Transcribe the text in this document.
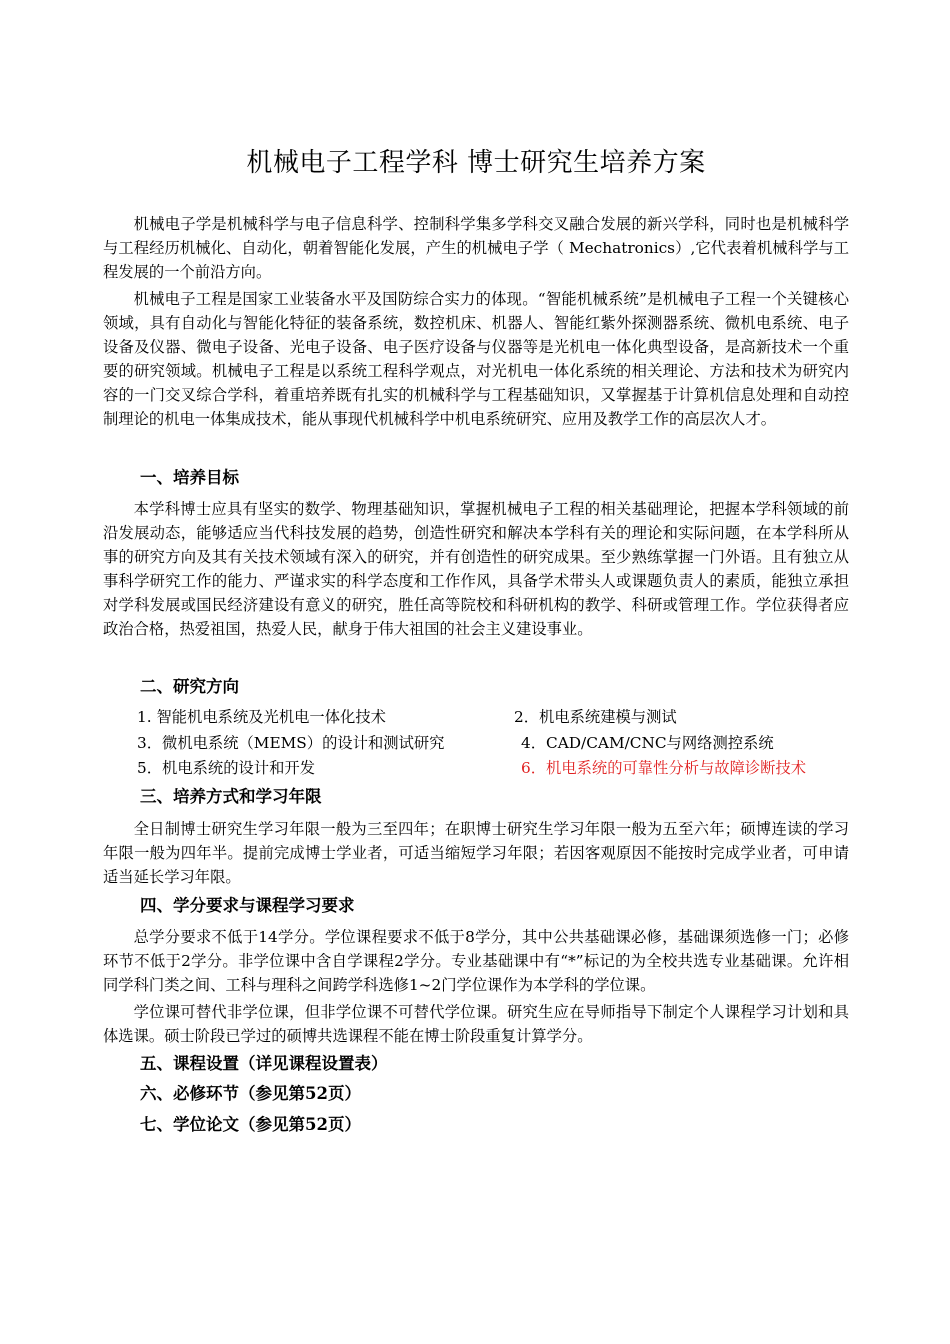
机械电子工程学科 博士研究生培养方案

机械电子学是机械科学与电子信息科学、控制科学集多学科交叉融合发展的新兴学科，同时也是机械科学与工程经历机械化、自动化，朝着智能化发展，产生的机械电子学（ Mechatronics）,它代表着机械科学与工程发展的一个前沿方向。

机械电子工程是国家工业装备水平及国防综合实力的体现。“智能机械系统”是机械电子工程一个关键核心领域，具有自动化与智能化特征的装备系统，数控机床、机器人、智能红紫外探测器系统、微机电系统、电子设备及仪器、微电子设备、光电子设备、电子医疗设备与仪器等是光机电一体化典型设备，是高新技术一个重要的研究领域。机械电子工程是以系统工程科学观点，对光机电一体化系统的相关理论、方法和技术为研究内容的一门交叉综合学科，着重培养既有扎实的机械科学与工程基础知识，又掌握基于计算机信息处理和自动控制理论的机电一体集成技术，能从事现代机械科学中机电系统研究、应用及教学工作的高层次人才。

一、培养目标

本学科博士应具有坚实的数学、物理基础知识，掌握机械电子工程的相关基础理论，把握本学科领域的前沿发展动态，能够适应当代科技发展的趋势，创造性研究和解决本学科有关的理论和实际问题，在本学科所从事的研究方向及其有关技术领域有深入的研究，并有创造性的研究成果。至少熟练掌握一门外语。且有独立从事科学研究工作的能力、严谨求实的科学态度和工作作风，具备学术带头人或课题负责人的素质，能独立承担对学科发展或国民经济建设有意义的研究，胜任高等院校和科研机构的教学、科研或管理工作。学位获得者应政治合格，热爱祖国，热爱人民，献身于伟大祖国的社会主义建设事业。

二、研究方向
1. 智能机电系统及光机电一体化技术	2．机电系统建模与测试
3．微机电系统（MEMS）的设计和测试研究	4．CAD/CAM/CNC与网络测控系统
5．机电系统的设计和开发	6．机电系统的可靠性分析与故障诊断技术
三、培养方式和学习年限

全日制博士研究生学习年限一般为三至四年；在职博士研究生学习年限一般为五至六年；硕博连读的学习年限一般为四年半。提前完成博士学业者，可适当缩短学习年限；若因客观原因不能按时完成学业者，可申请适当延长学习年限。

四、学分要求与课程学习要求

总学分要求不低于14学分。学位课程要求不低于8学分，其中公共基础课必修，基础课须选修一门；必修环节不低于2学分。非学位课中含自学课程2学分。专业基础课中有“*”标记的为全校共选专业基础课。允许相同学科门类之间、工科与理科之间跨学科选修1~2门学位课作为本学科的学位课。

学位课可替代非学位课，但非学位课不可替代学位课。研究生应在导师指导下制定个人课程学习计划和具体选课。硕士阶段已学过的硕博共选课程不能在博士阶段重复计算学分。

五、课程设置（详见课程设置表）
六、必修环节（参见第52页）
七、学位论文（参见第52页）
